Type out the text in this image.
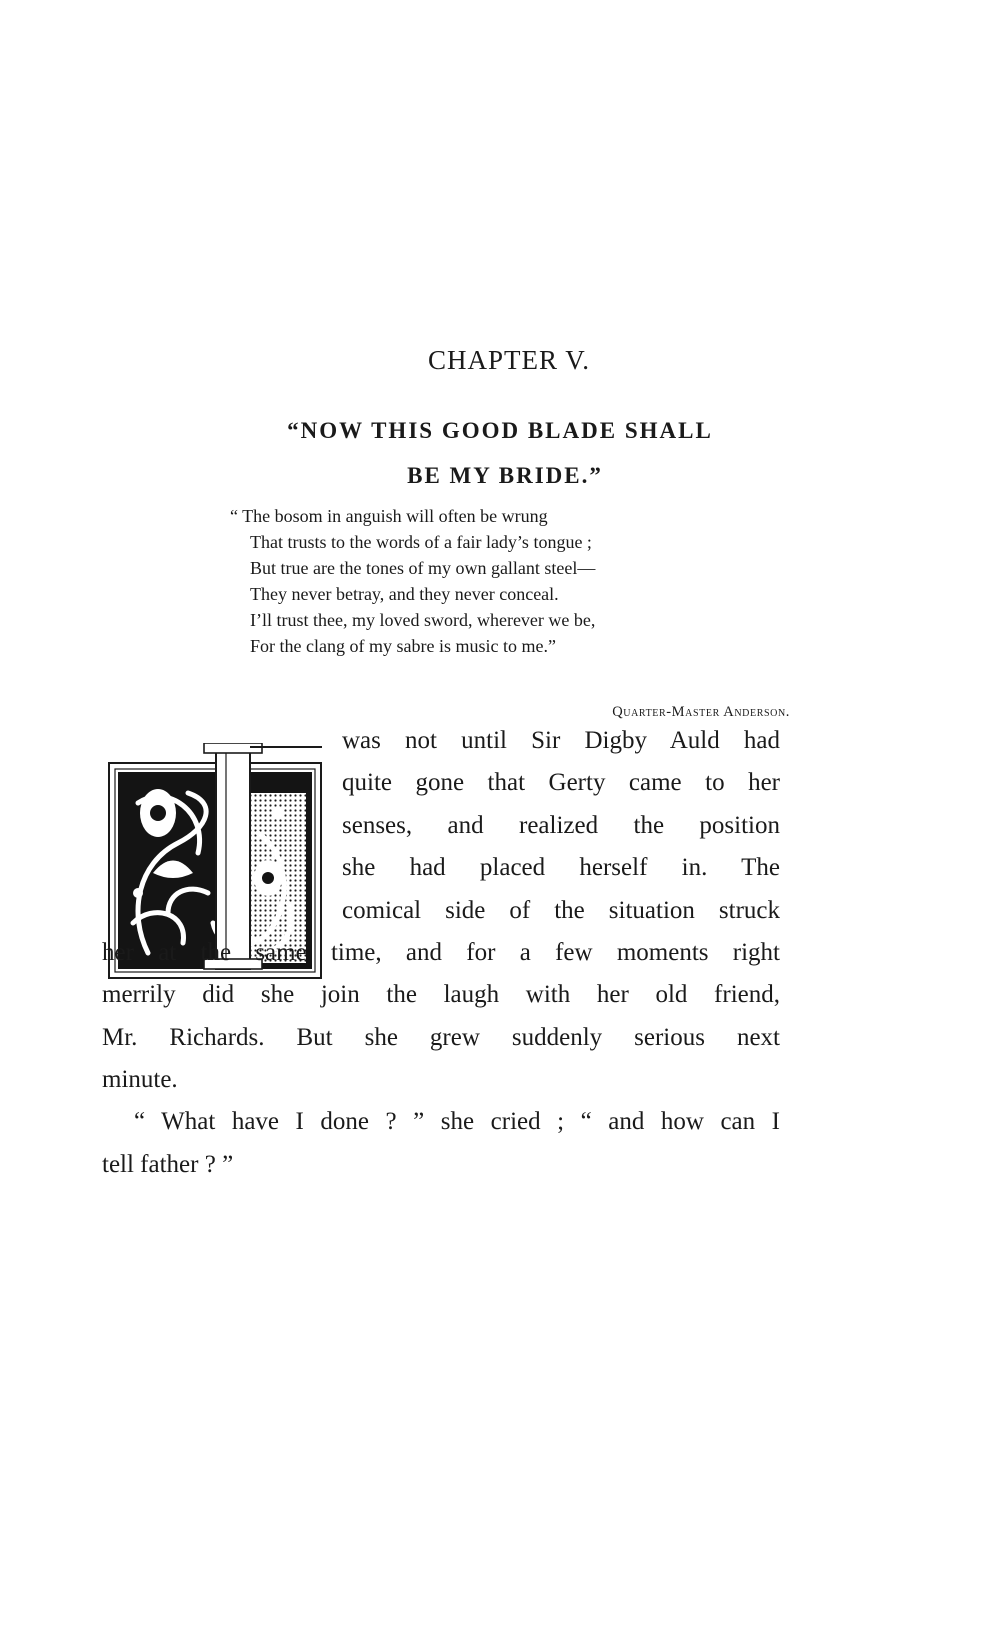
CHAPTER V.
“NOW THIS GOOD BLADE SHALL
BE MY BRIDE.”
“ The bosom in anguish will often be wrung
That trusts to the words of a fair lady’s tongue ;
But true are the tones of my own gallant steel—
They never betray, and they never conceal.
I’ll trust thee, my loved sword, wherever we be,
For the clang of my sabre is music to me.”
Quarter-Master Anderson.
was not until Sir Digby Auld had
quite gone that Gerty came to her
senses, and realized the position
she had placed herself in. The
comical side of the situation struck
her at the same time, and for a few moments right
merrily did she join the laugh with her old friend,
Mr. Richards. But she grew suddenly serious next
minute.
“ What have I done ? ” she cried ; “ and how can I
tell father ? ”
